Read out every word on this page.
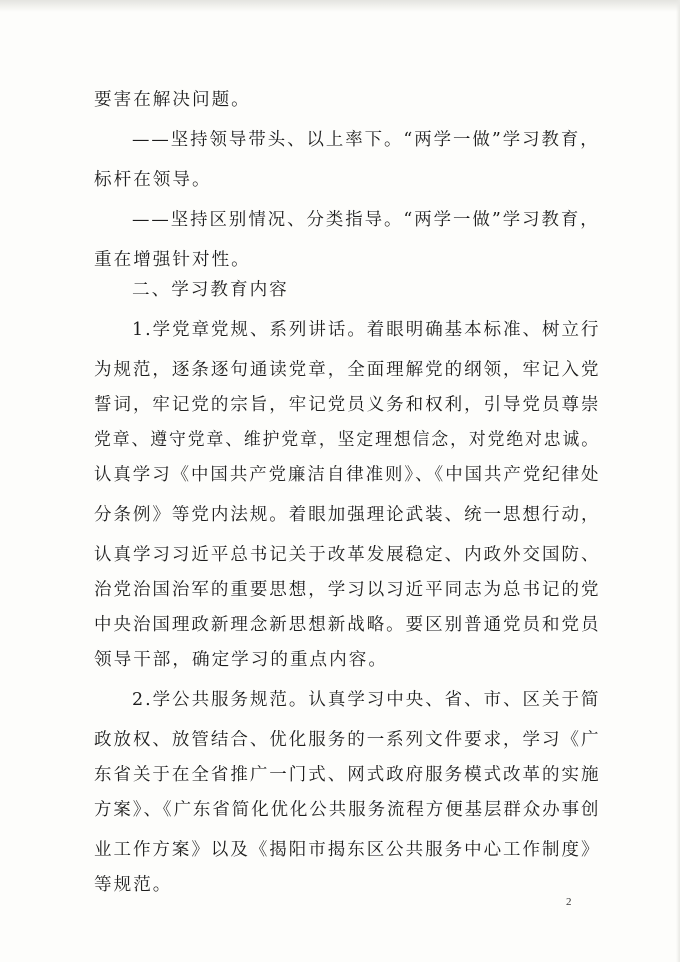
要害在解决问题。
——坚持领导带头、以上率下。“两学一做”学习教育，
标杆在领导。
——坚持区别情况、分类指导。“两学一做”学习教育，
重在增强针对性。
二、学习教育内容
1.学党章党规、系列讲话。着眼明确基本标准、树立行
为规范，逐条逐句通读党章，全面理解党的纲领，牢记入党
誓词，牢记党的宗旨，牢记党员义务和权利，引导党员尊崇
党章、遵守党章、维护党章，坚定理想信念，对党绝对忠诚。
认真学习《中国共产党廉洁自律准则》、《中国共产党纪律处
分条例》等党内法规。着眼加强理论武装、统一思想行动，
认真学习习近平总书记关于改革发展稳定、内政外交国防、
治党治国治军的重要思想，学习以习近平同志为总书记的党
中央治国理政新理念新思想新战略。要区别普通党员和党员
领导干部，确定学习的重点内容。
2.学公共服务规范。认真学习中央、省、市、区关于简
政放权、放管结合、优化服务的一系列文件要求，学习《广
东省关于在全省推广一门式、网式政府服务模式改革的实施
方案》、《广东省简化优化公共服务流程方便基层群众办事创
业工作方案》以及《揭阳市揭东区公共服务中心工作制度》
等规范。
2
